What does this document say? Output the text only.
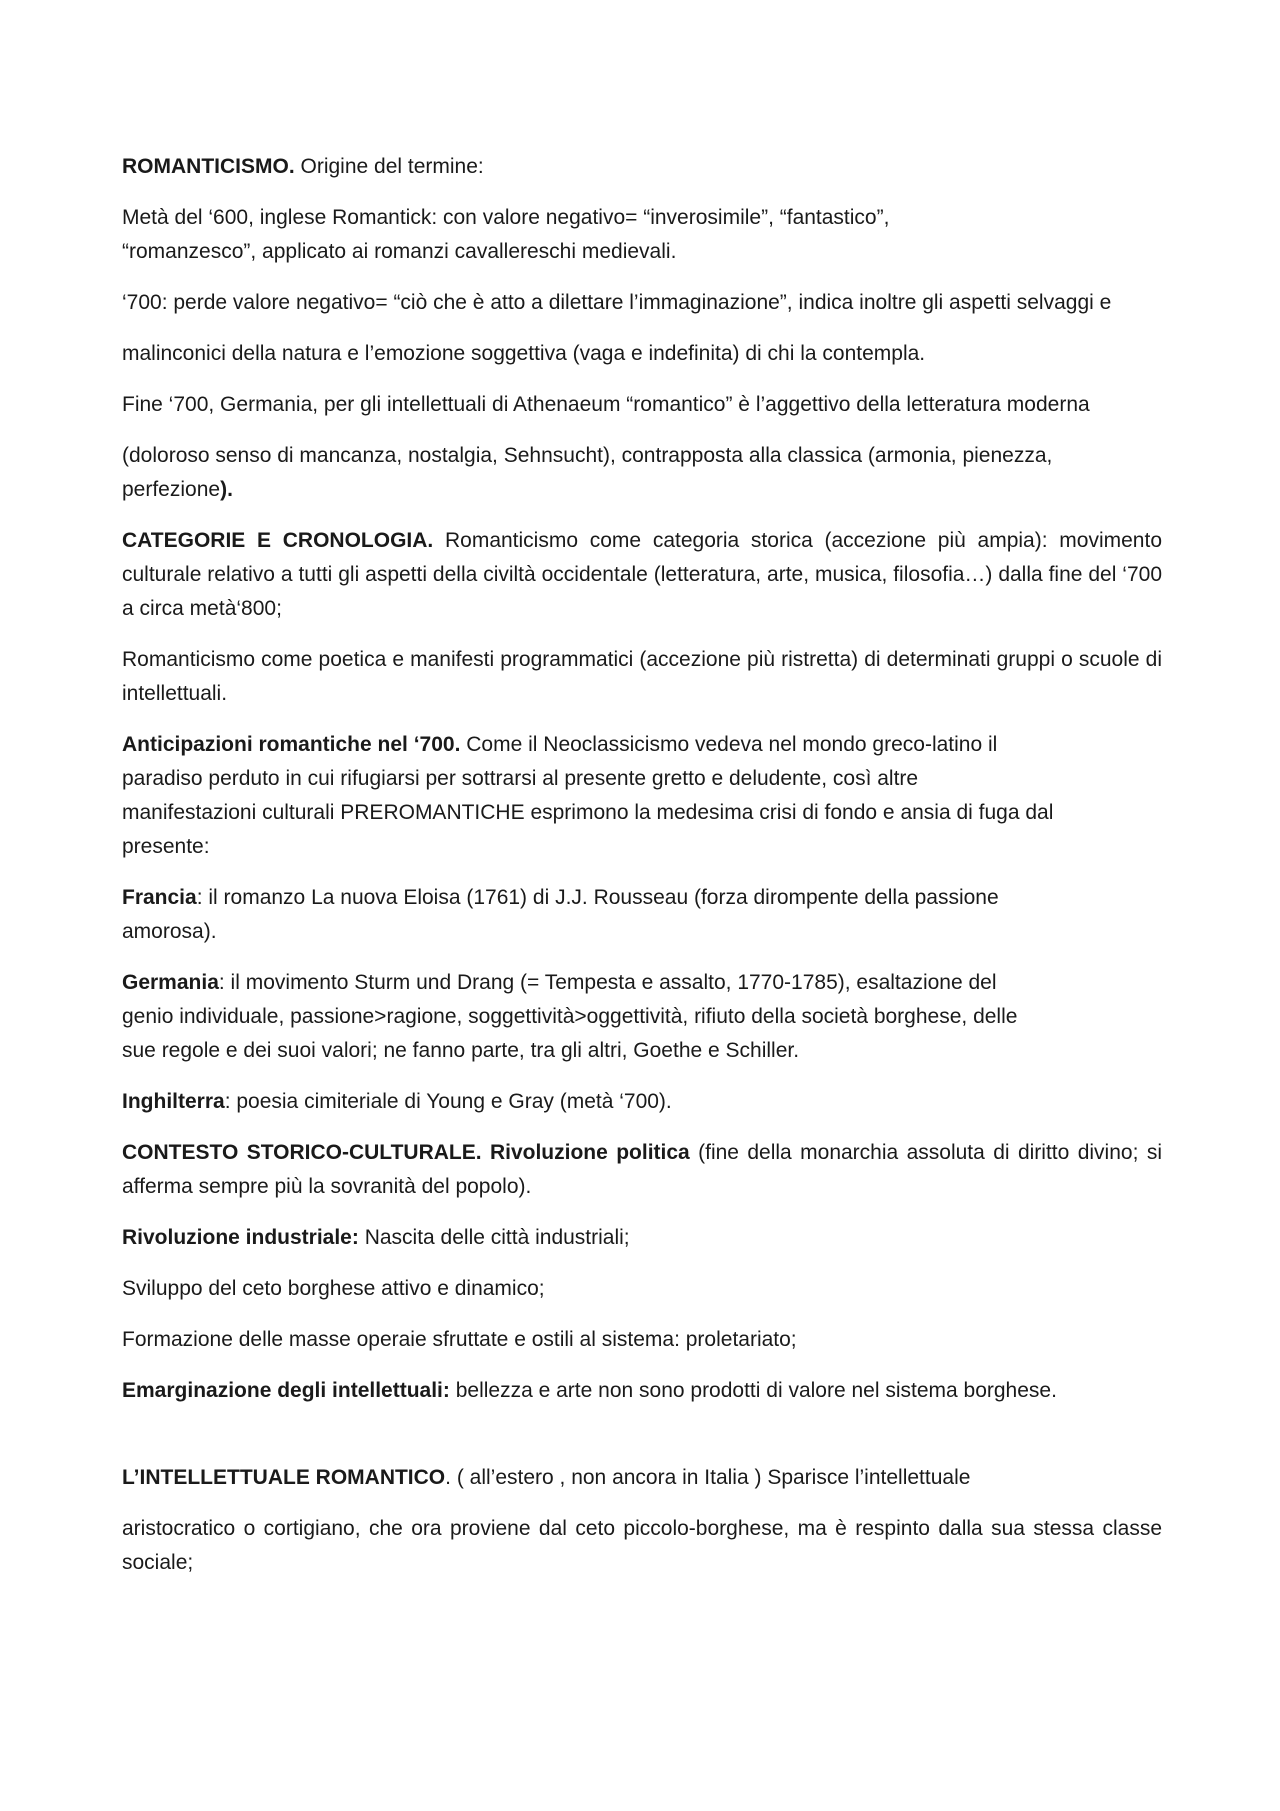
ROMANTICISMO. Origine del termine:

Metà del ‘600, inglese Romantick: con valore negativo= “inverosimile”, “fantastico”,
“romanzesco”, applicato ai romanzi cavallereschi medievali.

‘700: perde valore negativo= “ciò che è atto a dilettare l’immaginazione”, indica inoltre gli aspetti selvaggi e

malinconici della natura e l’emozione soggettiva (vaga e indefinita) di chi la contempla.

Fine ‘700, Germania, per gli intellettuali di Athenaeum “romantico” è l’aggettivo della letteratura moderna

(doloroso senso di mancanza, nostalgia, Sehnsucht), contrapposta alla classica (armonia, pienezza, perfezione).

CATEGORIE E CRONOLOGIA. Romanticismo come categoria storica (accezione più ampia): movimento culturale relativo a tutti gli aspetti della civiltà occidentale (letteratura, arte, musica, filosofia…) dalla fine del ‘700 a circa metà‘800;

Romanticismo come poetica e manifesti programmatici (accezione più ristretta) di determinati gruppi o scuole di intellettuali.

Anticipazioni romantiche nel ‘700. Come il Neoclassicismo vedeva nel mondo greco-latino il
paradiso perduto in cui rifugiarsi per sottrarsi al presente gretto e deludente, così altre
manifestazioni culturali PREROMANTICHE esprimono la medesima crisi di fondo e ansia di fuga dal
presente:

Francia: il romanzo La nuova Eloisa (1761) di J.J. Rousseau (forza dirompente della passione
amorosa).

Germania: il movimento Sturm und Drang (= Tempesta e assalto, 1770-1785), esaltazione del
genio individuale, passione>ragione, soggettività>oggettività, rifiuto della società borghese, delle
sue regole e dei suoi valori; ne fanno parte, tra gli altri, Goethe e Schiller.

Inghilterra: poesia cimiteriale di Young e Gray (metà ‘700).

CONTESTO STORICO-CULTURALE. Rivoluzione politica (fine della monarchia assoluta di diritto divino; si afferma sempre più la sovranità del popolo).

Rivoluzione industriale: Nascita delle città industriali;

Sviluppo del ceto borghese attivo e dinamico;

Formazione delle masse operaie sfruttate e ostili al sistema: proletariato;

Emarginazione degli intellettuali: bellezza e arte non sono prodotti di valore nel sistema borghese.

L’INTELLETTUALE ROMANTICO. ( all’estero , non ancora in Italia ) Sparisce l’intellettuale

aristocratico o cortigiano, che ora proviene dal ceto piccolo-borghese, ma è respinto dalla sua stessa classe sociale;
